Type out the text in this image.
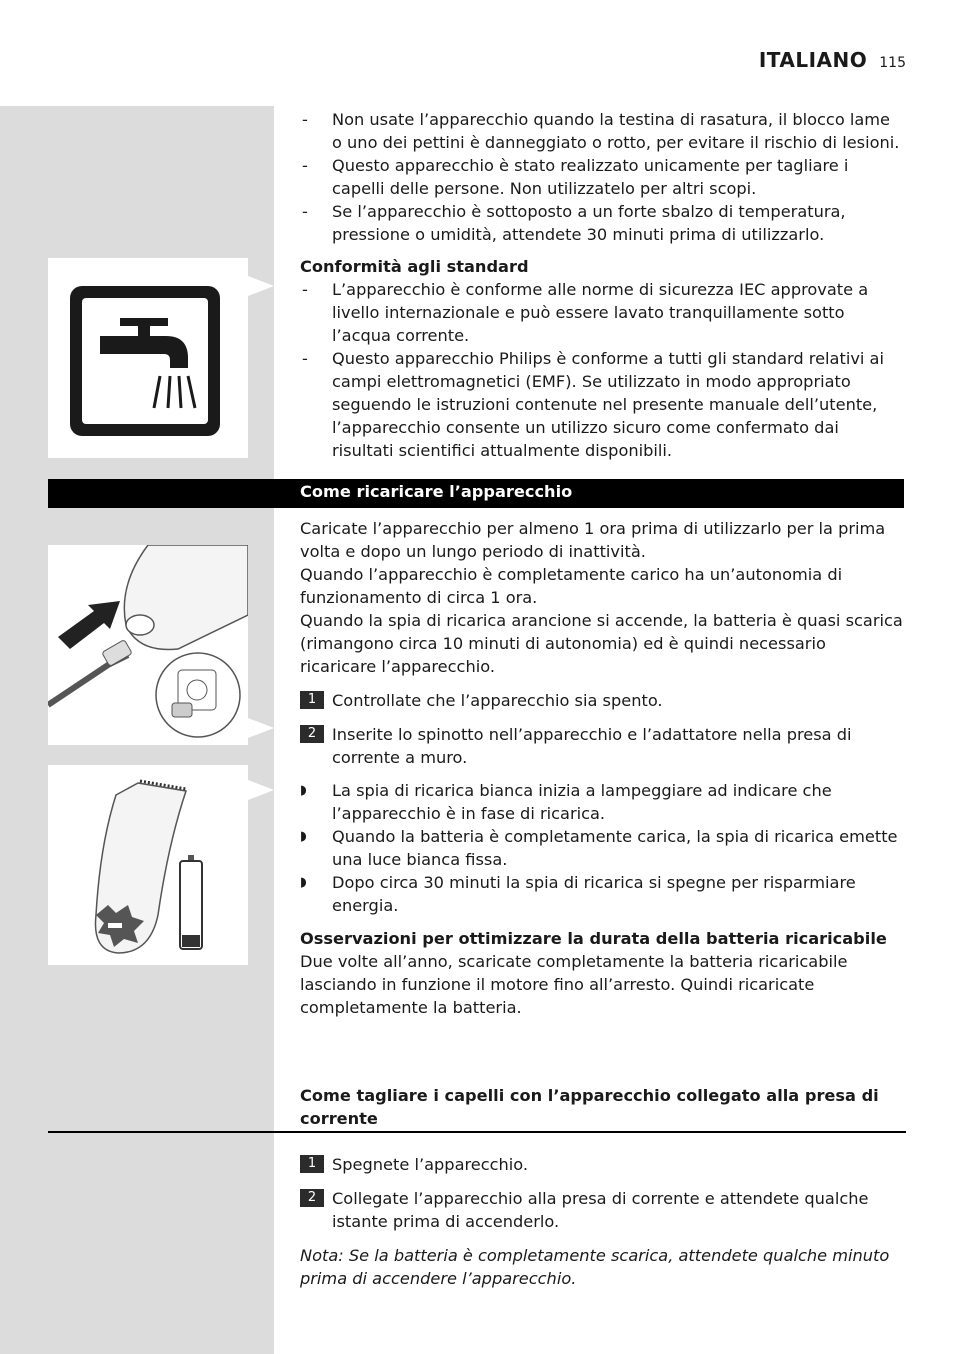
ITALIANO 115
- Non usate l’apparecchio quando la testina di rasatura, il blocco lame o uno dei pettini è danneggiato o rotto, per evitare il rischio di lesioni.
- Questo apparecchio è stato realizzato unicamente per tagliare i capelli delle persone. Non utilizzatelo per altri scopi.
- Se l’apparecchio è sottoposto a un forte sbalzo di temperatura, pressione o umidità, attendete 30 minuti prima di utilizzarlo.
Conformità agli standard
- L’apparecchio è conforme alle norme di sicurezza IEC approvate a livello internazionale e può essere lavato tranquillamente sotto l’acqua corrente.
- Questo apparecchio Philips è conforme a tutti gli standard relativi ai campi elettromagnetici (EMF). Se utilizzato in modo appropriato seguendo le istruzioni contenute nel presente manuale dell’utente, l’apparecchio consente un utilizzo sicuro come confermato dai risultati scientifici attualmente disponibili.
Come ricaricare l’apparecchio
Caricate l’apparecchio per almeno 1 ora prima di utilizzarlo per la prima volta e dopo un lungo periodo di inattività.
Quando l’apparecchio è completamente carico ha un’autonomia di funzionamento di circa 1 ora.
Quando la spia di ricarica arancione si accende, la batteria è quasi scarica (rimangono circa 10 minuti di autonomia) ed è quindi necessario ricaricare l’apparecchio.
1 Controllate che l’apparecchio sia spento.
2 Inserite lo spinotto nell’apparecchio e l’adattatore nella presa di corrente a muro.
◗ La spia di ricarica bianca inizia a lampeggiare ad indicare che l’apparecchio è in fase di ricarica.
◗ Quando la batteria è completamente carica, la spia di ricarica emette una luce bianca fissa.
◗ Dopo circa 30 minuti la spia di ricarica si spegne per risparmiare energia.
Osservazioni per ottimizzare la durata della batteria ricaricabile
Due volte all’anno, scaricate completamente la batteria ricaricabile lasciando in funzione il motore fino all’arresto. Quindi ricaricate completamente la batteria.
Come tagliare i capelli con l’apparecchio collegato alla presa di corrente
1 Spegnete l’apparecchio.
2 Collegate l’apparecchio alla presa di corrente e attendete qualche istante prima di accenderlo.
Nota: Se la batteria è completamente scarica, attendete qualche minuto prima di accendere l’apparecchio.
